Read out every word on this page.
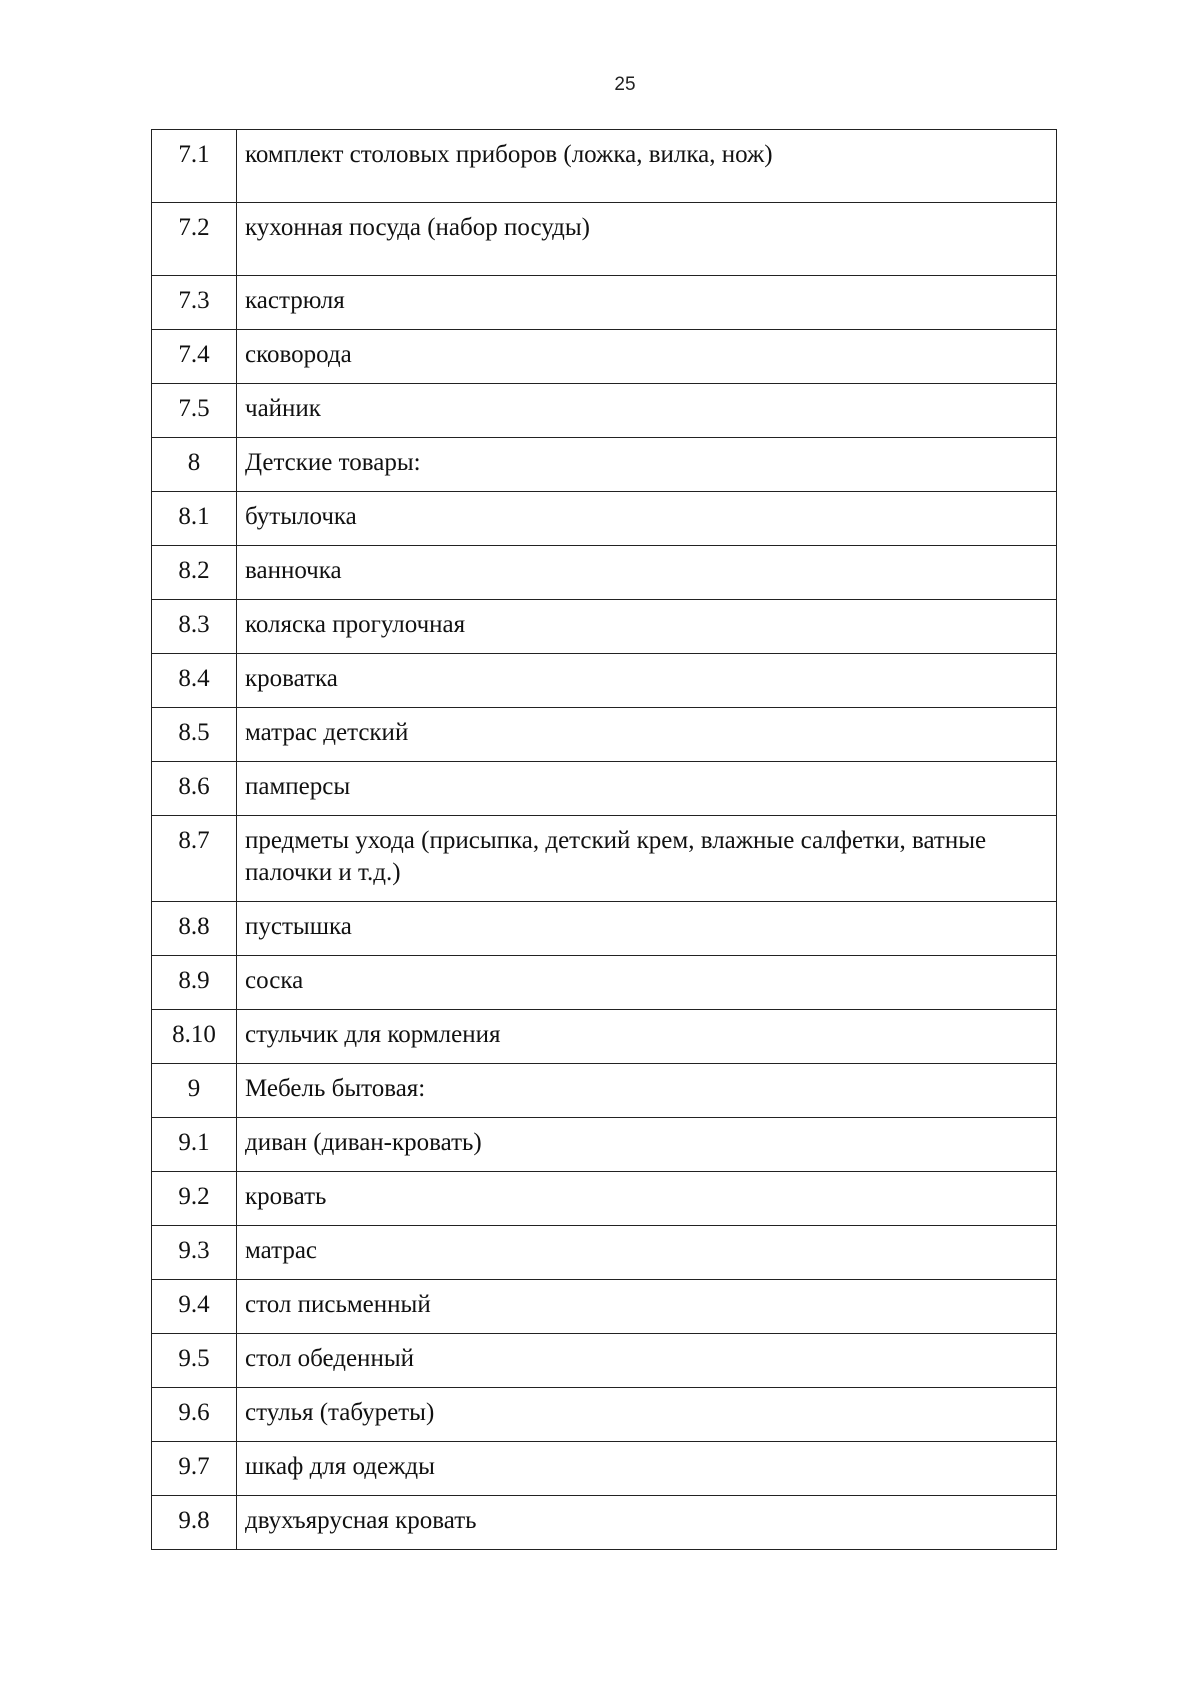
25
7.1	комплект столовых приборов (ложка, вилка, нож)
7.2	кухонная посуда (набор посуды)
7.3	кастрюля
7.4	сковорода
7.5	чайник
8	Детские товары:
8.1	бутылочка
8.2	ванночка
8.3	коляска прогулочная
8.4	кроватка
8.5	матрас детский
8.6	памперсы
8.7	предметы ухода (присыпка, детский крем, влажные салфетки, ватные палочки и т.д.)
8.8	пустышка
8.9	соска
8.10	стульчик для кормления
9	Мебель бытовая:
9.1	диван (диван-кровать)
9.2	кровать
9.3	матрас
9.4	стол письменный
9.5	стол обеденный
9.6	стулья (табуреты)
9.7	шкаф для одежды
9.8	двухъярусная кровать
